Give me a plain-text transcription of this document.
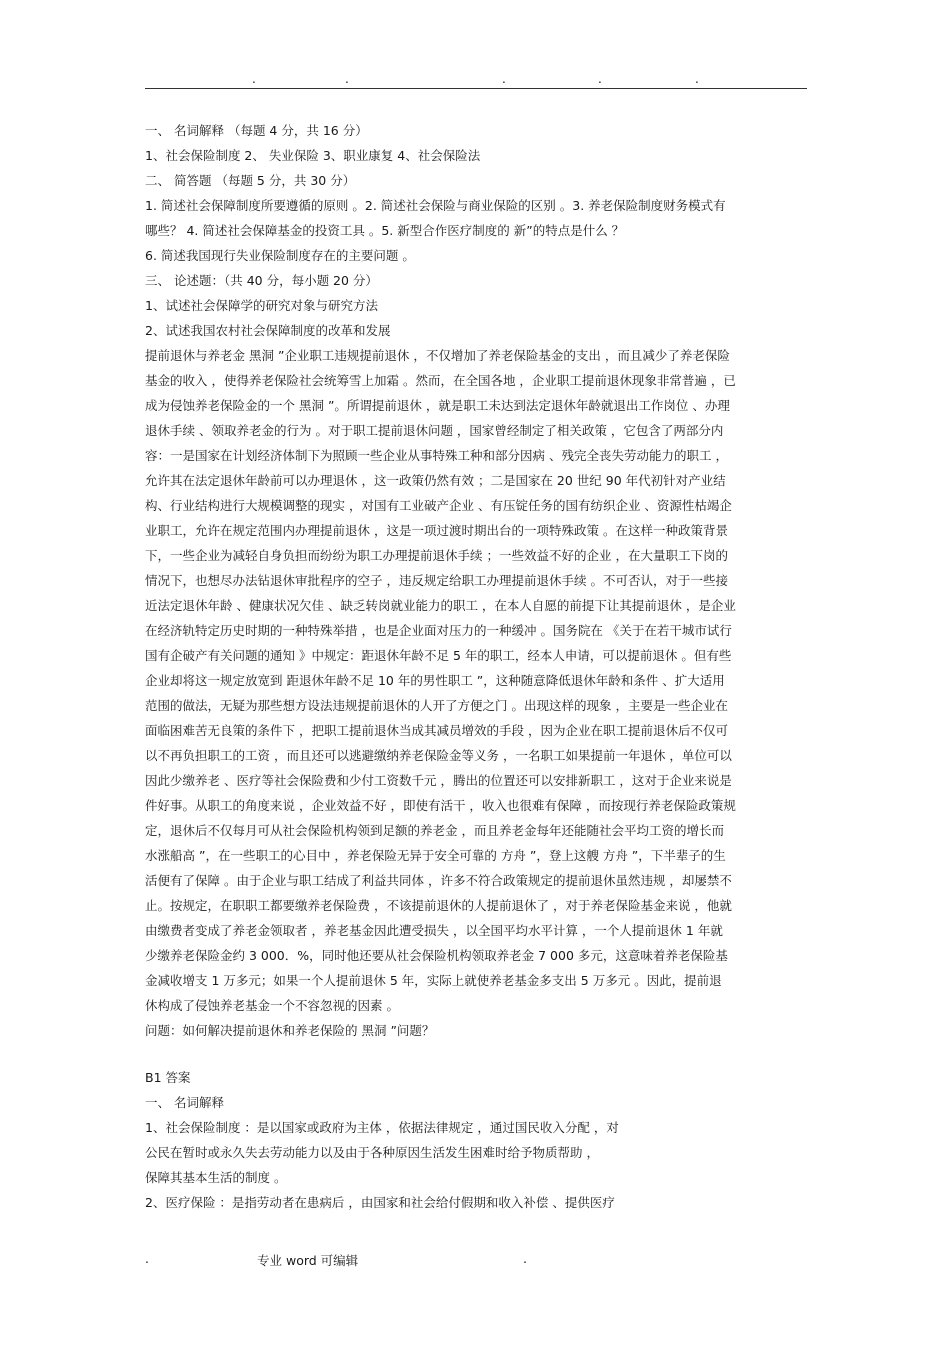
.	.	.	.	.
一、 名词解释 （每题 4 分，共 16 分）
1、社会保险制度 2、 失业保险 3、职业康复 4、社会保险法
二、 简答题 （每题 5 分，共 30 分）
1. 简述社会保障制度所要遵循的原则 。2. 简述社会保险与商业保险的区别 。3. 养老保险制度财务模式有
哪些？ 4. 简述社会保障基金的投资工具 。5. 新型合作医疗制度的 新”的特点是什么 ？
6. 简述我国现行失业保险制度存在的主要问题 。
三、 论述题：（共 40 分，每小题 20 分）
1、试述社会保障学的研究对象与研究方法
2、试述我国农村社会保障制度的改革和发展
提前退休与养老金 黑洞 ”企业职工违规提前退休 ，不仅增加了养老保险基金的支出 ，而且减少了养老保险
基金的收入 ，使得养老保险社会统筹雪上加霜 。然而，在全国各地 ，企业职工提前退休现象非常普遍 ，已
成为侵蚀养老保险金的一个 黑洞 ”。所谓提前退休 ，就是职工未达到法定退休年龄就退出工作岗位 、办理
退休手续 、领取养老金的行为 。对于职工提前退休问题 ，国家曾经制定了相关政策 ，它包含了两部分内
容：一是国家在计划经济体制下为照顾一些企业从事特殊工种和部分因病 、残完全丧失劳动能力的职工 ，
允许其在法定退休年龄前可以办理退休 ，这一政策仍然有效 ；二是国家在 20 世纪 90 年代初针对产业结
构、行业结构进行大规模调整的现实 ，对国有工业破产企业 、有压锭任务的国有纺织企业 、资源性枯竭企
业职工，允许在规定范围内办理提前退休 ，这是一项过渡时期出台的一项特殊政策 。在这样一种政策背景
下，一些企业为减轻自身负担而纷纷为职工办理提前退休手续 ；一些效益不好的企业 ，在大量职工下岗的
情况下，也想尽办法钻退休审批程序的空子 ，违反规定给职工办理提前退休手续 。不可否认，对于一些接
近法定退休年龄 、健康状况欠佳 、缺乏转岗就业能力的职工 ，在本人自愿的前提下让其提前退休 ，是企业
在经济轨特定历史时期的一种特殊举措 ，也是企业面对压力的一种缓冲 。国务院在 《关于在若干城市试行
国有企破产有关问题的通知 》中规定：距退休年龄不足 5 年的职工，经本人申请，可以提前退休 。但有些
企业却将这一规定放宽到 距退休年龄不足 10 年的男性职工 ”，这种随意降低退休年龄和条件 、扩大适用
范围的做法，无疑为那些想方设法违规提前退休的人开了方便之门 。出现这样的现象 ，主要是一些企业在
面临困难苦无良策的条件下 ，把职工提前退休当成其减员增效的手段 ，因为企业在职工提前退休后不仅可
以不再负担职工的工资 ，而且还可以逃避缴纳养老保险金等义务 ，一名职工如果提前一年退休 ，单位可以
因此少缴养老 、医疗等社会保险费和少付工资数千元 ，腾出的位置还可以安排新职工 ，这对于企业来说是
件好事。从职工的角度来说 ，企业效益不好 ，即使有活干 ，收入也很难有保障 ，而按现行养老保险政策规
定，退休后不仅每月可从社会保险机构领到足额的养老金 ，而且养老金每年还能随社会平均工资的增长而
水涨船高 ”，在一些职工的心目中 ，养老保险无异于安全可靠的 方舟 ”，登上这艘 方舟 ”，下半辈子的生
活便有了保障 。由于企业与职工结成了利益共同体 ，许多不符合政策规定的提前退休虽然违规 ，却屡禁不
止。按规定，在职职工都要缴养老保险费 ，不该提前退休的人提前退休了 ，对于养老保险基金来说 ，他就
由缴费者变成了养老金领取者 ，养老基金因此遭受损失 ，以全国平均水平计算 ，一个人提前退休 1 年就
少缴养老保险金约 3 000．%，同时他还要从社会保险机构领取养老金 7 000 多元，这意味着养老保险基
金减收增支 1 万多元；如果一个人提前退休 5 年，实际上就使养老基金多支出 5 万多元 。因此，提前退
休构成了侵蚀养老基金一个不容忽视的因素 。
问题：如何解决提前退休和养老保险的 黑洞 ”问题？
B1 答案
一、 名词解释
1、社会保险制度 ：是以国家或政府为主体 ，依据法律规定 ，通过国民收入分配 ，对
公民在暂时或永久失去劳动能力以及由于各种原因生活发生困难时给予物质帮助 ，
保障其基本生活的制度 。
2、医疗保险 ：是指劳动者在患病后 ，由国家和社会给付假期和收入补偿 、提供医疗
.	专业 word 可编辑	.
